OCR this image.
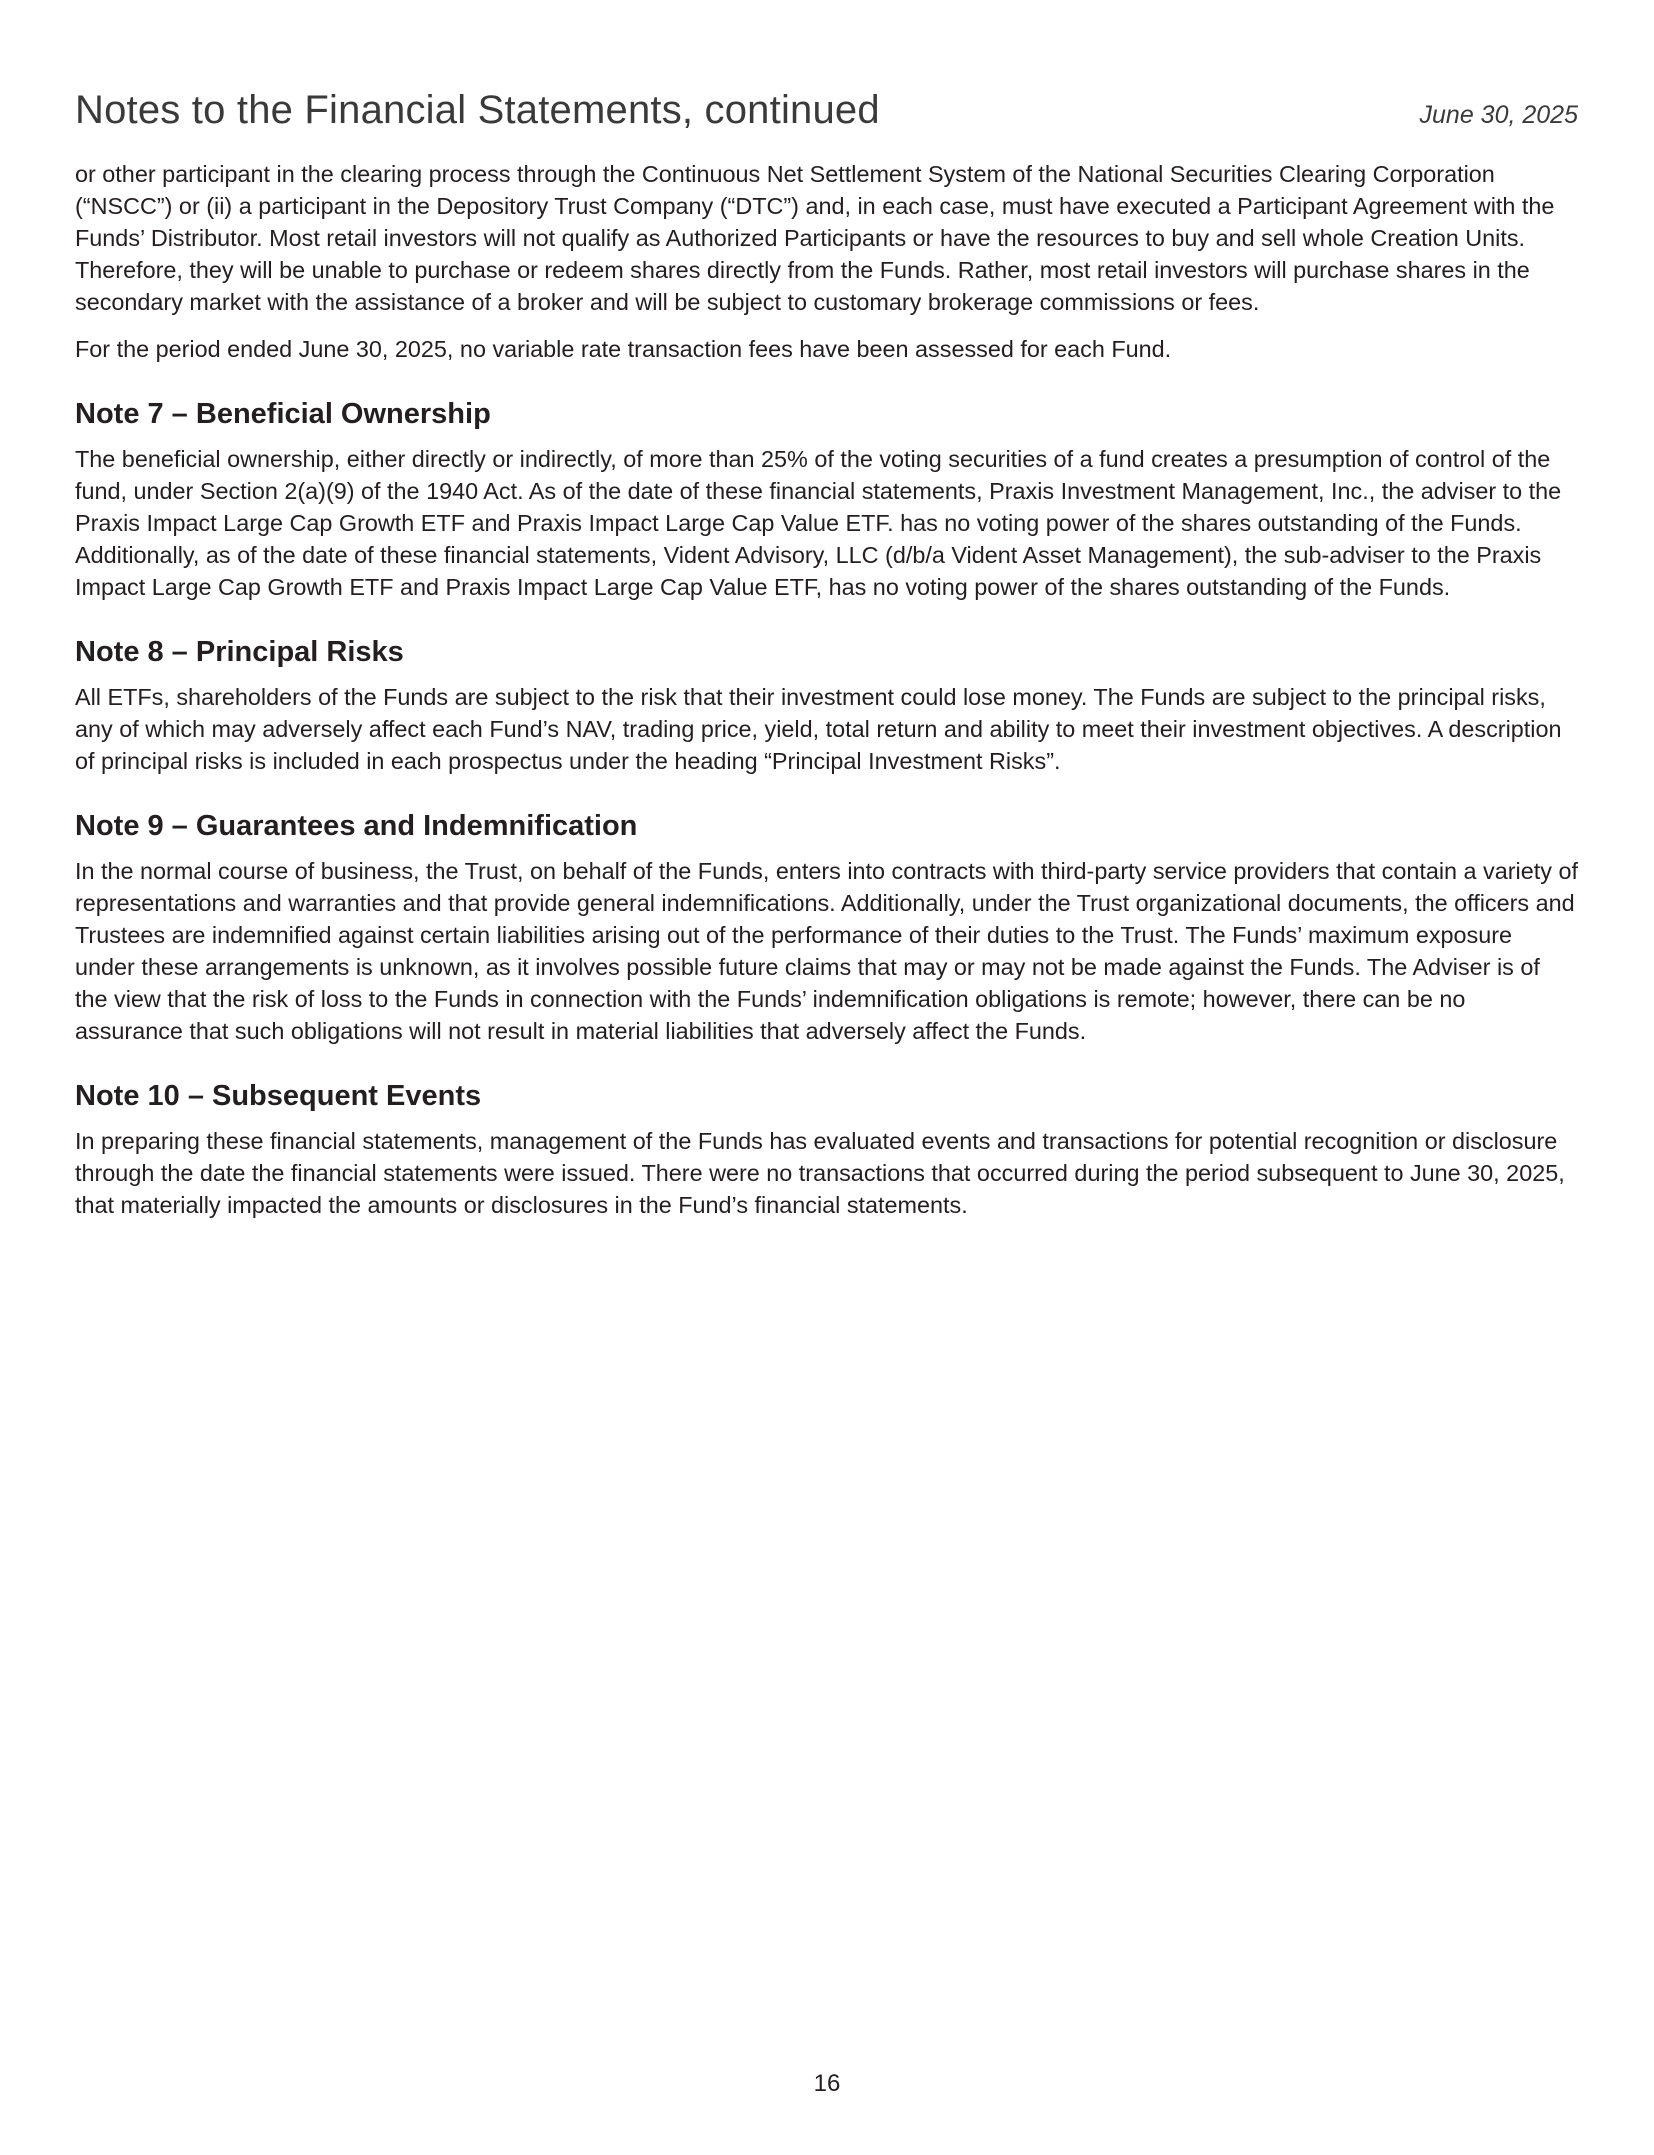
Notes to the Financial Statements, continued	June 30, 2025

or other participant in the clearing process through the Continuous Net Settlement System of the National Securities Clearing Corporation (“NSCC”) or (ii) a participant in the Depository Trust Company (“DTC”) and, in each case, must have executed a Participant Agreement with the Funds’ Distributor. Most retail investors will not qualify as Authorized Participants or have the resources to buy and sell whole Creation Units. Therefore, they will be unable to purchase or redeem shares directly from the Funds. Rather, most retail investors will purchase shares in the secondary market with the assistance of a broker and will be subject to customary brokerage commissions or fees.

For the period ended June 30, 2025, no variable rate transaction fees have been assessed for each Fund.

Note 7 – Beneficial Ownership

The beneficial ownership, either directly or indirectly, of more than 25% of the voting securities of a fund creates a presumption of control of the fund, under Section 2(a)(9) of the 1940 Act. As of the date of these financial statements, Praxis Investment Management, Inc., the adviser to the Praxis Impact Large Cap Growth ETF and Praxis Impact Large Cap Value ETF. has no voting power of the shares outstanding of the Funds. Additionally, as of the date of these financial statements, Vident Advisory, LLC (d/b/a Vident Asset Management), the sub-adviser to the Praxis Impact Large Cap Growth ETF and Praxis Impact Large Cap Value ETF, has no voting power of the shares outstanding of the Funds.

Note 8 – Principal Risks

All ETFs, shareholders of the Funds are subject to the risk that their investment could lose money. The Funds are subject to the principal risks, any of which may adversely affect each Fund’s NAV, trading price, yield, total return and ability to meet their investment objectives. A description of principal risks is included in each prospectus under the heading “Principal Investment Risks”.

Note 9 – Guarantees and Indemnification

In the normal course of business, the Trust, on behalf of the Funds, enters into contracts with third-party service providers that contain a variety of representations and warranties and that provide general indemnifications. Additionally, under the Trust organizational documents, the officers and Trustees are indemnified against certain liabilities arising out of the performance of their duties to the Trust. The Funds’ maximum exposure under these arrangements is unknown, as it involves possible future claims that may or may not be made against the Funds. The Adviser is of the view that the risk of loss to the Funds in connection with the Funds’ indemnification obligations is remote; however, there can be no assurance that such obligations will not result in material liabilities that adversely affect the Funds.

Note 10 – Subsequent Events

In preparing these financial statements, management of the Funds has evaluated events and transactions for potential recognition or disclosure through the date the financial statements were issued. There were no transactions that occurred during the period subsequent to June 30, 2025, that materially impacted the amounts or disclosures in the Fund’s financial statements.

16
